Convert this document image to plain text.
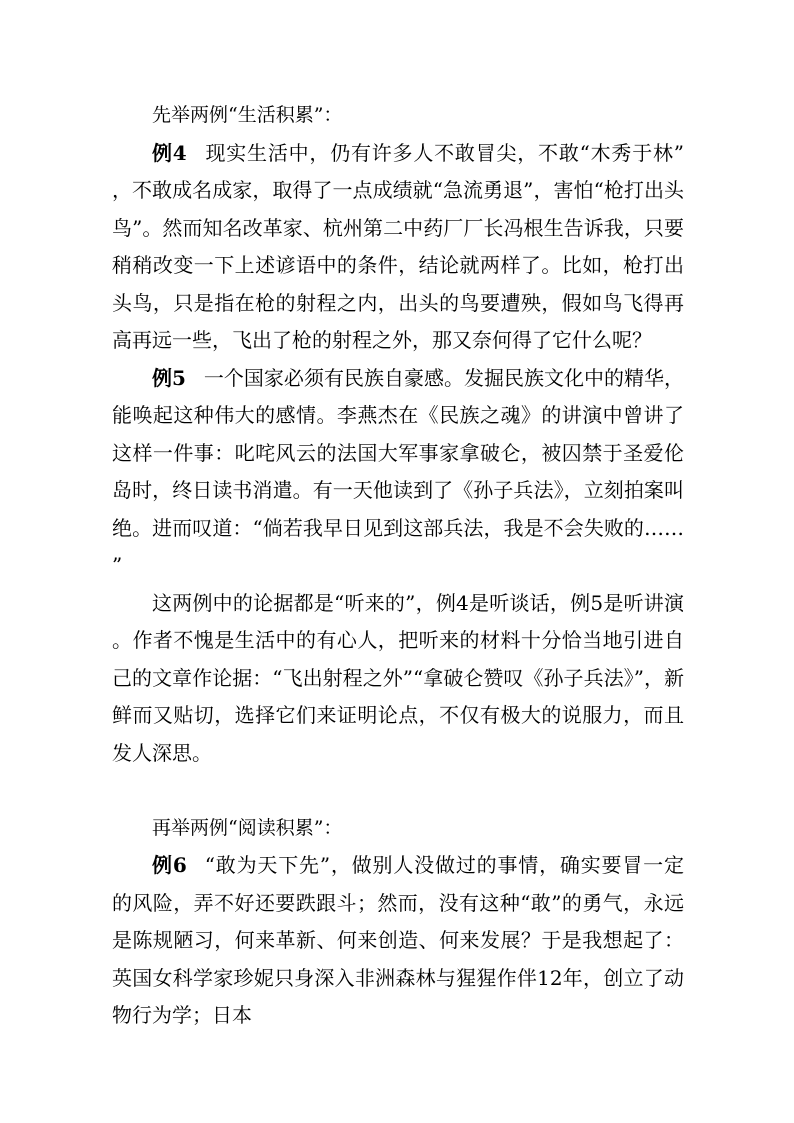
先举两例“生活积累”：

例4 现实生活中，仍有许多人不敢冒尖，不敢“木秀于林”，不敢成名成家，取得了一点成绩就“急流勇退”，害怕“枪打出头鸟”。然而知名改革家、杭州第二中药厂厂长冯根生告诉我，只要稍稍改变一下上述谚语中的条件，结论就两样了。比如，枪打出头鸟，只是指在枪的射程之内，出头的鸟要遭殃，假如鸟飞得再高再远一些，飞出了枪的射程之外，那又奈何得了它什么呢？

例5 一个国家必须有民族自豪感。发掘民族文化中的精华，能唤起这种伟大的感情。李燕杰在《民族之魂》的讲演中曾讲了这样一件事：叱咤风云的法国大军事家拿破仑，被囚禁于圣爱伦岛时，终日读书消遣。有一天他读到了《孙子兵法》，立刻拍案叫绝。进而叹道：“倘若我早日见到这部兵法，我是不会失败的……”

这两例中的论据都是“听来的”，例4是听谈话，例5是听讲演。作者不愧是生活中的有心人，把听来的材料十分恰当地引进自己的文章作论据：“飞出射程之外”“拿破仑赞叹《孙子兵法》”，新鲜而又贴切，选择它们来证明论点，不仅有极大的说服力，而且发人深思。

再举两例“阅读积累”：

例6 “敢为天下先”，做别人没做过的事情，确实要冒一定的风险，弄不好还要跌跟斗；然而，没有这种“敢”的勇气，永远是陈规陋习，何来革新、何来创造、何来发展？于是我想起了：英国女科学家珍妮只身深入非洲森林与猩猩作伴12年，创立了动物行为学；日本
